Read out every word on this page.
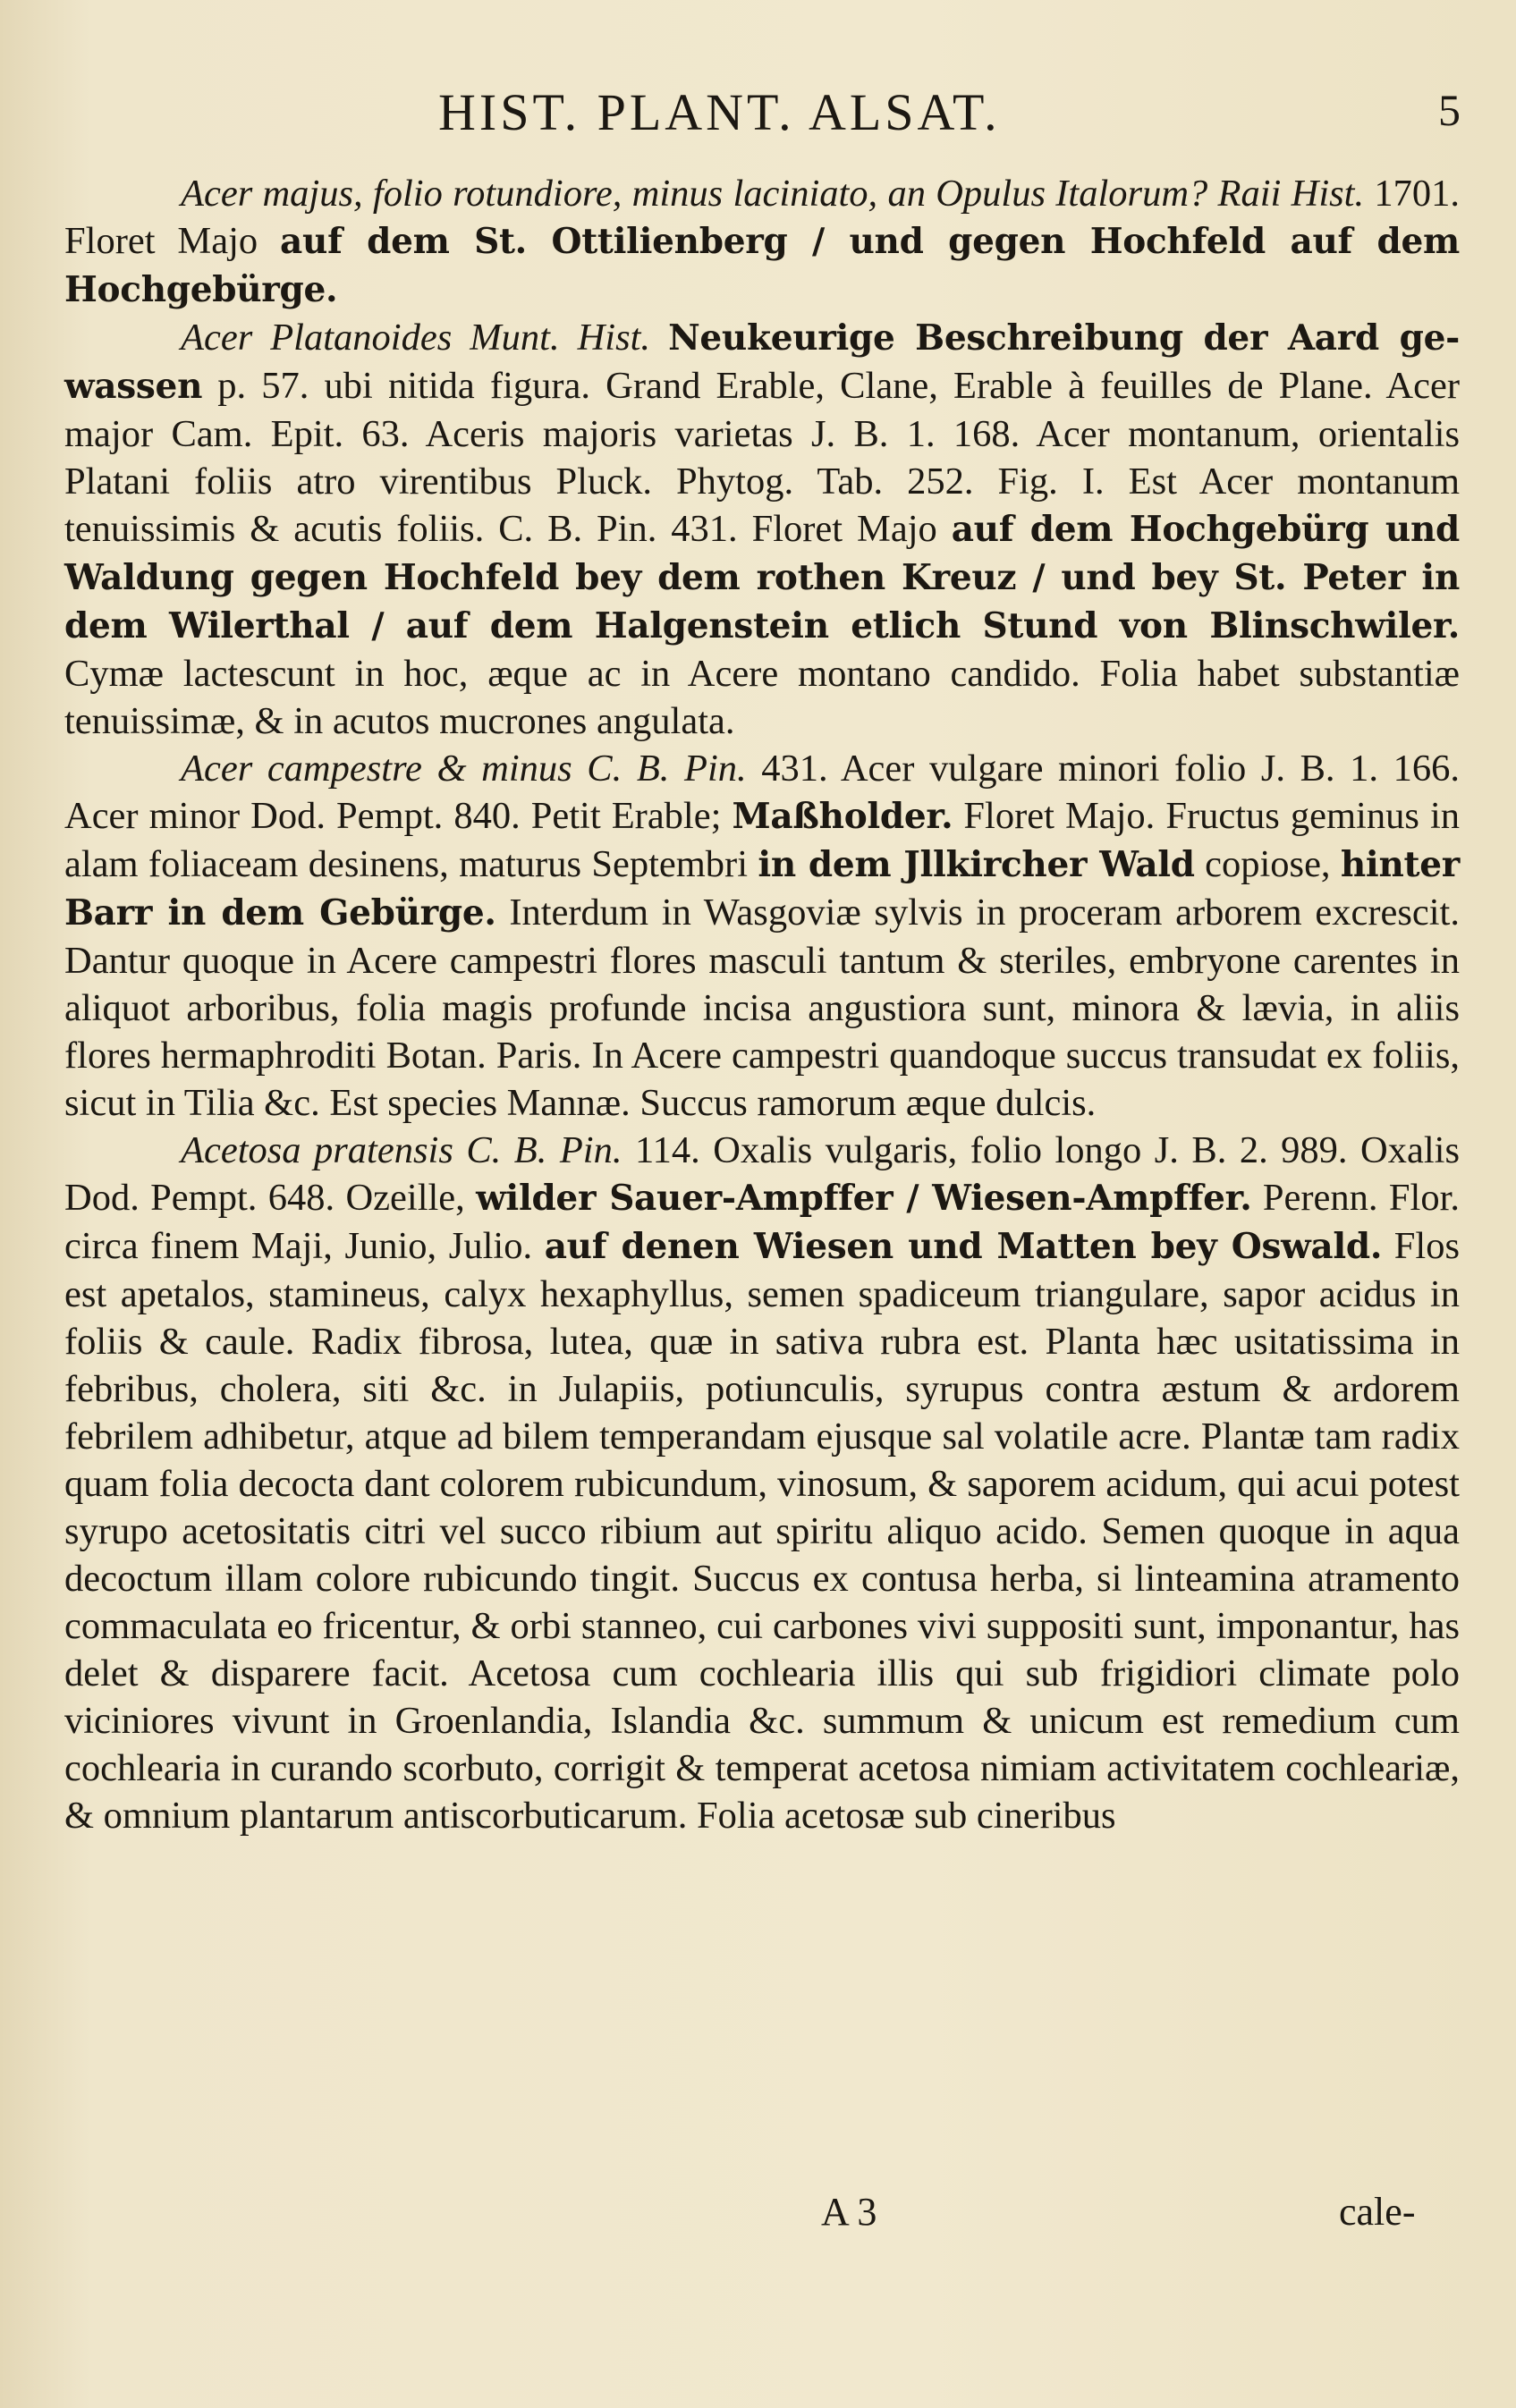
HIST. PLANT. ALSAT.	5

Acer majus, folio rotundiore, minus laciniato, an Opulus Italorum? Raii Hist. 1701. Floret Majo auf dem St. Ottilienberg / und gegen Hochfeld auf dem Hochgebürge.

Acer Platanoides Munt. Hist. Neukeurige Beschreibung der Aard ge-wassen p. 57. ubi nitida figura. Grand Erable, Clane, Erable à feuilles de Plane. Acer major Cam. Epit. 63. Aceris majoris varietas J. B. 1. 168. Acer montanum, orientalis Platani foliis atro virentibus Pluck. Phytog. Tab. 252. Fig. I. Est Acer montanum tenuissimis & acutis foliis. C. B. Pin. 431. Floret Majo auf dem Hochgebürg und Waldung gegen Hochfeld bey dem rothen Kreuz / und bey St. Peter in dem Wilerthal / auf dem Halgenstein etlich Stund von Blinschwiler. Cymæ lactescunt in hoc, æque ac in Acere montano candido. Folia habet substantiæ tenuissimæ, & in acutos mucrones angulata.

Acer campestre & minus C. B. Pin. 431. Acer vulgare minori folio J. B. 1. 166. Acer minor Dod. Pempt. 840. Petit Erable; Maßholder. Floret Majo. Fructus geminus in alam foliaceam desinens, maturus Septembri in dem Jllkircher Wald copiose, hinter Barr in dem Gebürge. Interdum in Wasgoviæ sylvis in proceram arborem excrescit. Dantur quoque in Acere campestri flores masculi tantum & steriles, embryone carentes in aliquot arboribus, folia magis profunde incisa angustiora sunt, minora & lævia, in aliis flores hermaphroditi Botan. Paris. In Acere campestri quandoque succus transudat ex foliis, sicut in Tilia &c. Est species Mannæ. Succus ramorum æque dulcis.

Acetosa pratensis C. B. Pin. 114. Oxalis vulgaris, folio longo J. B. 2. 989. Oxalis Dod. Pempt. 648. Ozeille, wilder Sauer-Ampffer / Wiesen-Ampffer. Perenn. Flor. circa finem Maji, Junio, Julio. auf denen Wiesen und Matten bey Oswald. Flos est apetalos, stamineus, calyx hexaphyllus, semen spadiceum triangulare, sapor acidus in foliis & caule. Radix fibrosa, lutea, quæ in sativa rubra est. Planta hæc usitatissima in febribus, cholera, siti &c. in Julapiis, potiunculis, syrupus contra æstum & ardorem febrilem adhibetur, atque ad bilem temperandam ejusque sal volatile acre. Plantæ tam radix quam folia decocta dant colorem rubicundum, vinosum, & saporem acidum, qui acui potest syrupo acetositatis citri vel succo ribium aut spiritu aliquo acido. Semen quoque in aqua decoctum illam colore rubicundo tingit. Succus ex contusa herba, si linteamina atramento commaculata eo fricentur, & orbi stanneo, cui carbones vivi suppositi sunt, imponantur, has delet & disparere facit. Acetosa cum cochlearia illis qui sub frigidiori climate polo viciniores vivunt in Groenlandia, Islandia &c. summum & unicum est remedium cum cochlearia in curando scorbuto, corrigit & temperat acetosa nimiam activitatem cochleariæ, & omnium plantarum antiscorbuticarum. Folia acetosæ sub cineribus

A 3	cale-
